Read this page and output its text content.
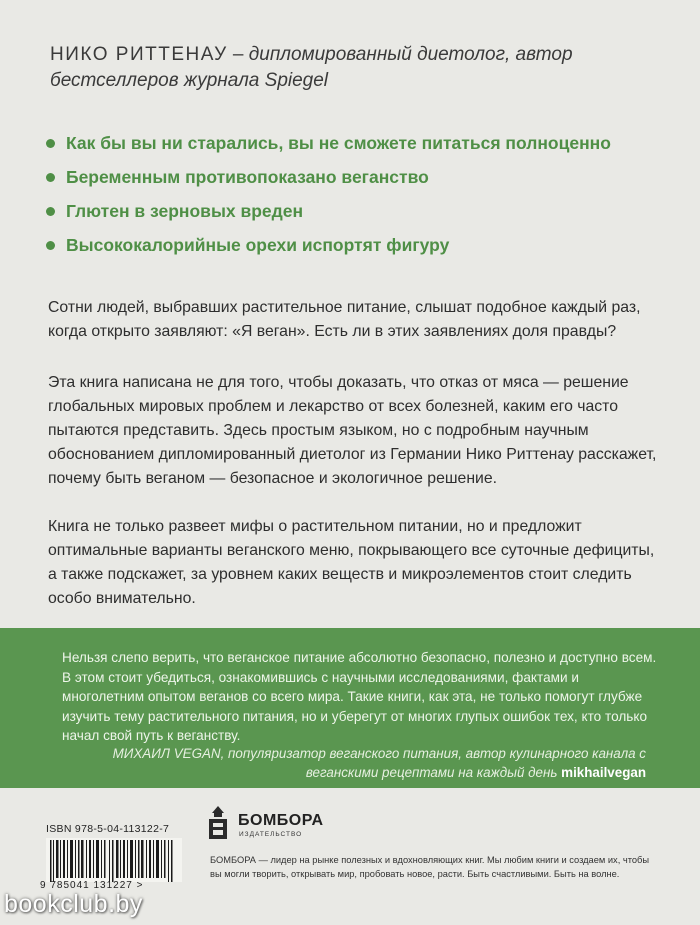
НИКО РИТТЕНАУ – дипломированный диетолог, автор
бестселлеров журнала Spiegel
Как бы вы ни старались, вы не сможете питаться полноценно
Беременным противопоказано веганство
Глютен в зерновых вреден
Высококалорийные орехи испортят фигуру

Сотни людей, выбравших растительное питание, слышат подобное каждый раз, когда открыто заявляют: «Я веган». Есть ли в этих заявлениях доля правды?

Эта книга написана не для того, чтобы доказать, что отказ от мяса — решение глобальных мировых проблем и лекарство от всех болезней, каким его часто пытаются представить. Здесь простым языком, но с подробным научным обоснованием дипломированный диетолог из Германии Нико Риттенау расскажет, почему быть веганом — безопасное и экологичное решение.

Книга не только развеет мифы о растительном питании, но и предложит оптимальные варианты веганского меню, покрывающего все суточные дефициты, а также подскажет, за уровнем каких веществ и микроэлементов стоит следить особо внимательно.

Нельзя слепо верить, что веганское питание абсолютно безопасно, полезно и доступно всем. В этом стоит убедиться, ознакомившись с научными исследованиями, фактами и многолетним опытом веганов со всего мира. Такие книги, как эта, не только помогут глубже изучить тему растительного питания, но и уберегут от многих глупых ошибок тех, кто только начал свой путь к веганству.

МИХАИЛ VEGAN, популяризатор веганского питания, автор кулинарного канала с веганскими рецептами на каждый день mikhailvegan

ISBN 978-5-04-113122-7
9 785041 131227 >
БОМБОРА
ИЗДАТЕЛЬСТВО

БОМБОРА — лидер на рынке полезных и вдохновляющих книг. Мы любим книги и создаем их, чтобы вы могли творить, открывать мир, пробовать новое, расти. Быть счастливыми. Быть на волне.

bookclub.by
